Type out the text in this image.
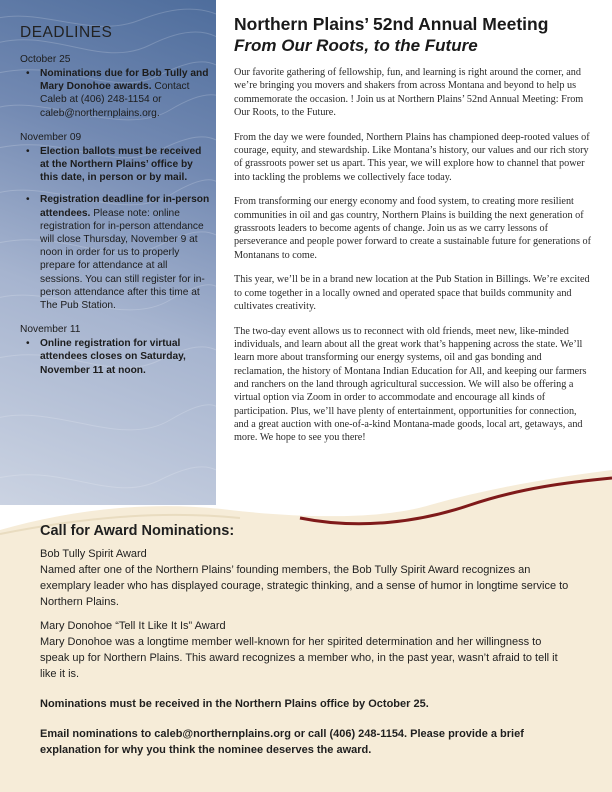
DEADLINES
October 25
• Nominations due for Bob Tully and Mary Donohoe awards. Contact Caleb at (406) 248-1154 or caleb@northernplains.org.
November 09
• Election ballots must be received at the Northern Plains’ office by this date, in person or by mail.
• Registration deadline for in-person attendees. Please note: online registration for in-person attendance will close Thursday, November 9 at noon in order for us to properly prepare for attendance at all sessions. You can still register for in-person attendance after this time at The Pub Station.
November 11
• Online registration for virtual attendees closes on Saturday, November 11 at noon.
Northern Plains’ 52nd Annual Meeting
From Our Roots, to the Future

Our favorite gathering of fellowship, fun, and learning is right around the corner, and we’re bringing you movers and shakers from across Montana and beyond to help us commemorate the occasion. ! Join us at Northern Plains’ 52nd Annual Meeting: From Our Roots, to the Future.

From the day we were founded, Northern Plains has championed deep-rooted values of courage, equity, and stewardship. Like Montana’s history, our values and our rich story of grassroots power set us apart. This year, we will explore how to channel that power into tackling the problems we collectively face today.

From transforming our energy economy and food system, to creating more resilient communities in oil and gas country, Northern Plains is building the next generation of grassroots leaders to become agents of change. Join us as we carry lessons of perseverance and people power forward to create a sustainable future for generations of Montanans to come.

This year, we’ll be in a brand new location at the Pub Station in Billings. We’re excited to come together in a locally owned and operated space that builds community and cultivates creativity.

The two-day event allows us to reconnect with old friends, meet new, like-minded individuals, and learn about all the great work that’s happening across the state. We’ll learn more about transforming our energy systems, oil and gas bonding and reclamation, the history of Montana Indian Education for All, and keeping our farmers and ranchers on the land through agricultural succession. We will also be offering a virtual option via Zoom in order to accommodate and encourage all kinds of participation. Plus, we’ll have plenty of entertainment, opportunities for connection, and a great auction with one-of-a-kind Montana-made goods, local art, getaways, and more. We hope to see you there!

Call for Award Nominations:
Bob Tully Spirit Award
Named after one of the Northern Plains’ founding members, the Bob Tully Spirit Award recognizes an exemplary leader who has displayed courage, strategic thinking, and a sense of humor in longtime service to Northern Plains.
Mary Donohoe “Tell It Like It Is” Award
Mary Donohoe was a longtime member well-known for her spirited determination and her willingness to speak up for Northern Plains. This award recognizes a member who, in the past year, wasn’t afraid to tell it like it is.
Nominations must be received in the Northern Plains office by October 25.
Email nominations to caleb@northernplains.org or call (406) 248-1154. Please provide a brief explanation for why you think the nominee deserves the award.
